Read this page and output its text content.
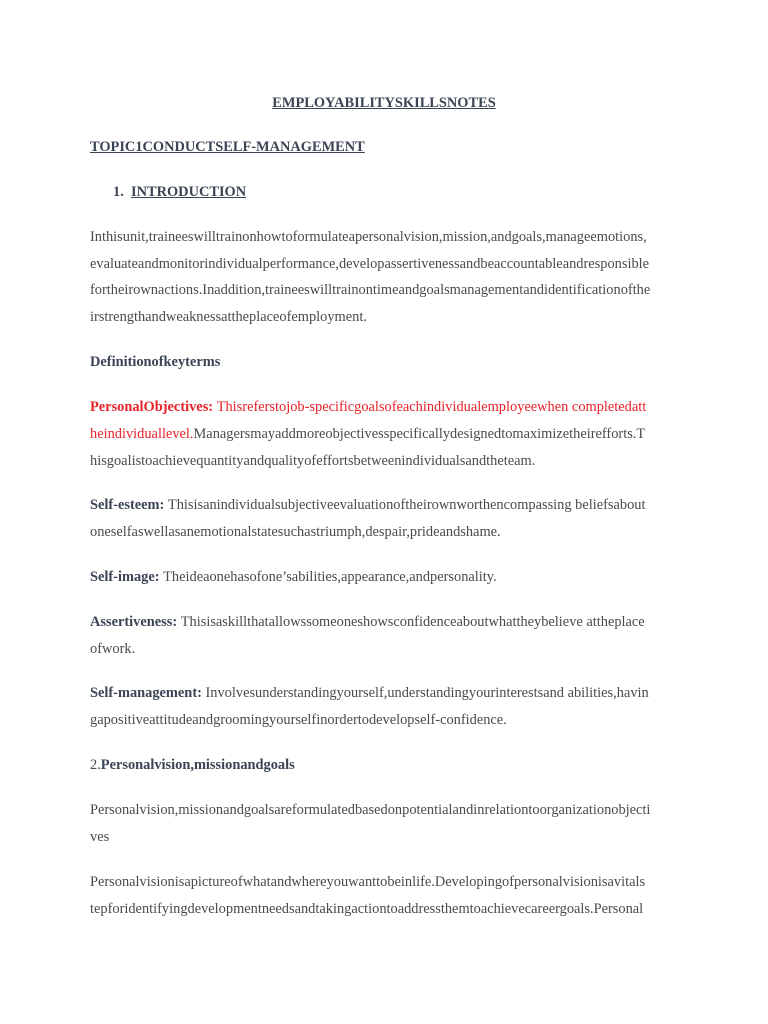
EMPLOYABILITYSKILLSNOTES
TOPIC1CONDUCTSELF-MANAGEMENT
1. INTRODUCTION
Inthisunit,traineeswilltrainonhowtoformulateapersonalvision,mission,andgoals,manageemotions,
evaluateandmonitorindividualperformance,developassertivenessandbeaccountableandresponsible
fortheirownactions.Inaddition,traineeswilltrainontimeandgoalsmanagementandidentificationofthe
irstrengthandweaknessattheplaceofemployment.
Definitionofkeyterms
PersonalObjectives: Thisreferstojob-specificgoalsofeachindividualemployeewhen completedatt
heindividuallevel.Managersmayaddmoreobjectivesspecificallydesignedtomaximizetheirefforts.T
hisgoalistoachievequantityandqualityofeffortsbetweenindividualsandtheteam.
Self-esteem: Thisisanindividualsubjectiveevaluationoftheirownworthencompassing beliefsabout
oneselfaswellasanemotionalstatesuchastriumph,despair,prideandshame.
Self-image: Theideaonehasofone’sabilities,appearance,andpersonality.
Assertiveness: Thisisaskillthatallowssomeoneshowsconfidenceaboutwhattheybelieve attheplace
ofwork.
Self-management: Involvesunderstandingyourself,understandingyourinterestsand abilities,havin
gapositiveattitudeandgroomingyourselfinordertodevelopself-confidence.
2.Personalvision,missionandgoals
Personalvision,missionandgoalsareformulatedbasedonpotentialandinrelationtoorganizationobjecti
ves
Personalvisionisapictureofwhatandwhereyouwanttobeinlife.Developingofpersonalvisionisavitals
tepforidentifyingdevelopmentneedsandtakingactiontoaddressthemtoachievecareergoals.Personal
